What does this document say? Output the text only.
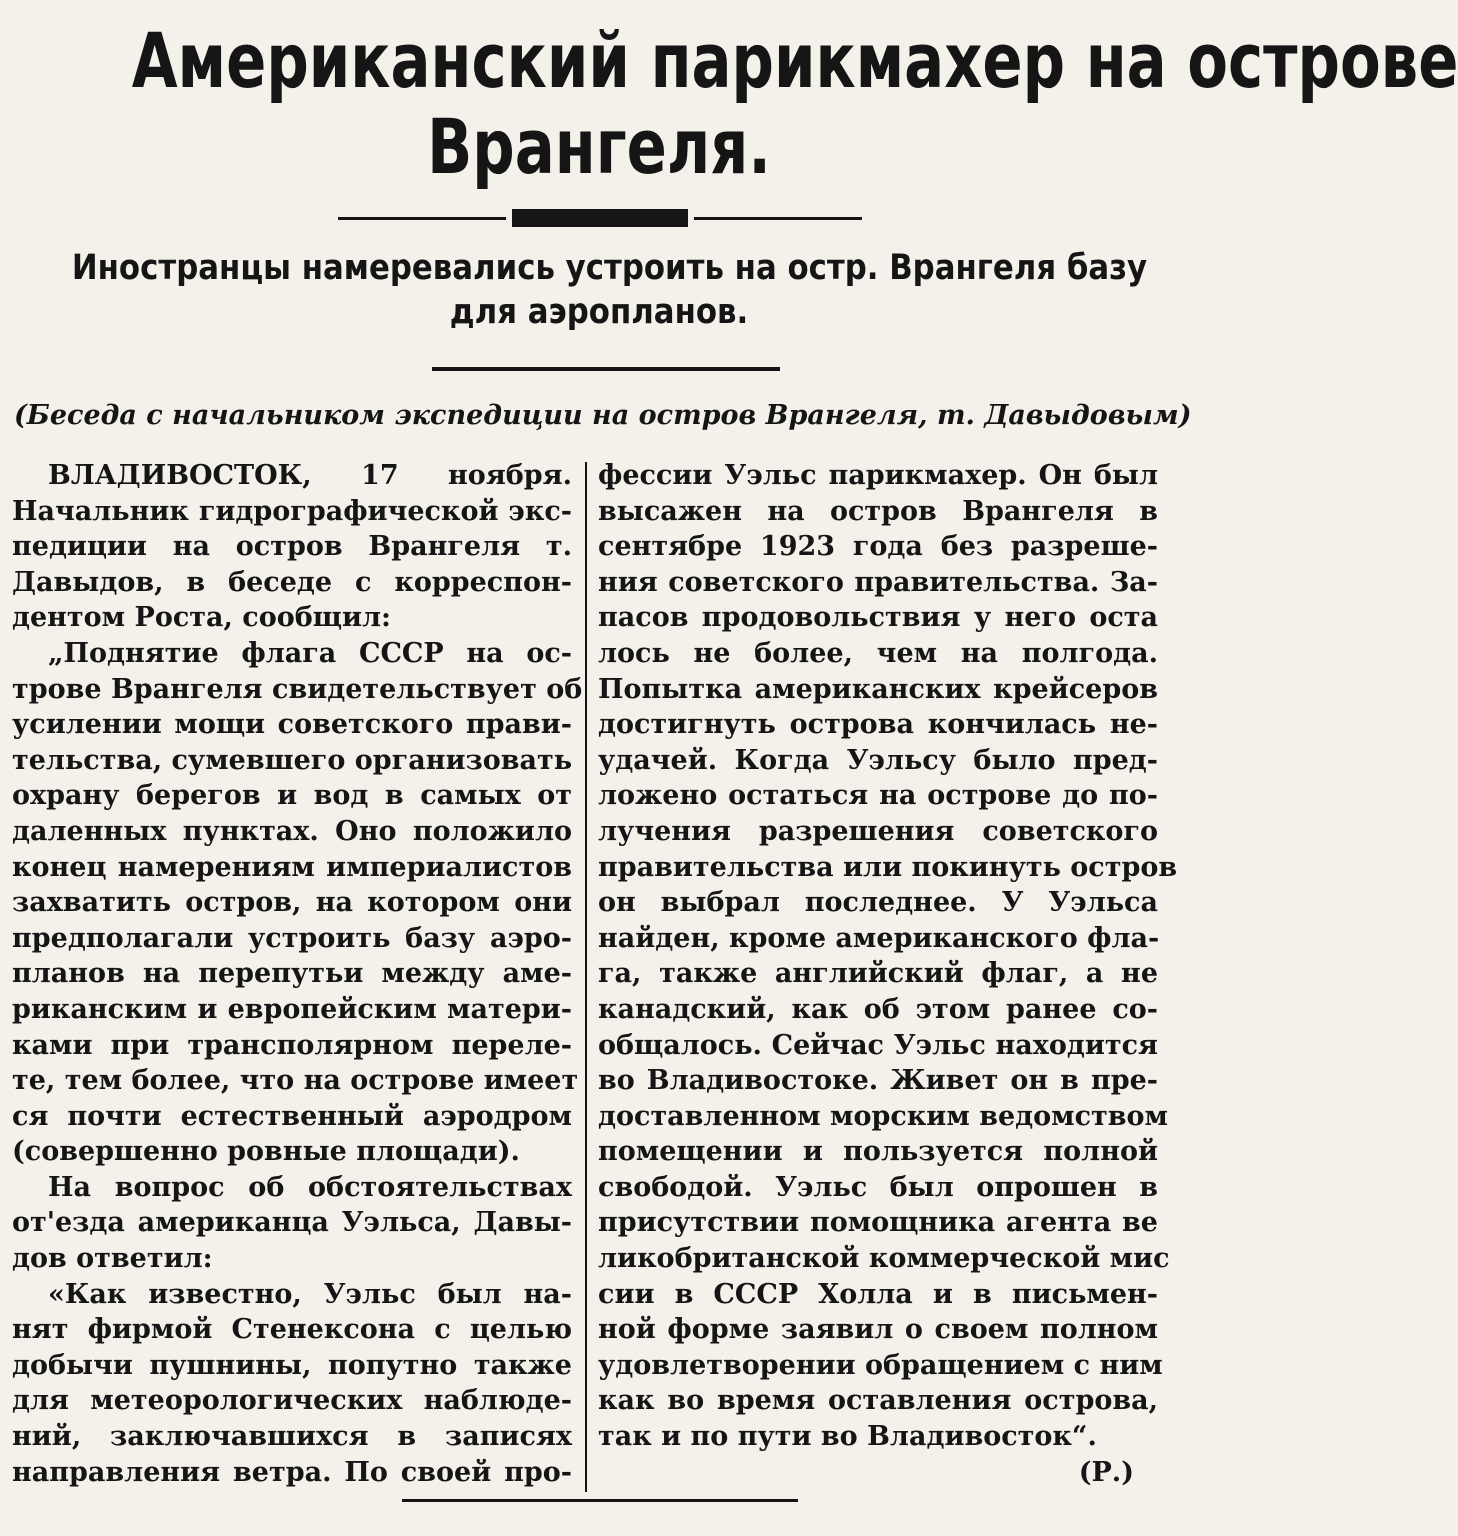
Американский парикмахер на острове
Врангеля.
Иностранцы намеревались устроить на остр. Врангеля базу
для аэропланов.
(Беседа с начальником экспедиции на остров Врангеля, т. Давыдовым)
ВЛАДИВОСТОК, 17 ноября.
Начальник гидрографической экс-
педиции на остров Врангеля т.
Давыдов, в беседе с корреспон-
дентом Роста, сообщил:
„Поднятие флага СССР на ос-
трове Врангеля свидетельствует об
усилении мощи советского прави-
тельства, сумевшего организовать
охрану берегов и вод в самых от
даленных пунктах. Оно положило
конец намерениям империалистов
захватить остров, на котором они
предполагали устроить базу аэро-
планов на перепутьи между аме-
риканским и европейским матери-
ками при трансполярном переле-
те, тем более, что на острове имеет
ся почти естественный аэродром
(совершенно ровные площади).
На вопрос об обстоятельствах
от'езда американца Уэльса, Давы-
дов ответил:
«Как известно, Уэльс был на-
нят фирмой Стенексона с целью
добычи пушнины, попутно также
для метеорологических наблюде-
ний, заключавшихся в записях
направления ветра. По своей про-
фессии Уэльс парикмахер. Он был
высажен на остров Врангеля в
сентябре 1923 года без разреше-
ния советского правительства. За-
пасов продовольствия у него оста
лось не более, чем на полгода.
Попытка американских крейсеров
достигнуть острова кончилась не-
удачей. Когда Уэльсу было пред-
ложено остаться на острове до по-
лучения разрешения советского
правительства или покинуть остров
он выбрал последнее. У Уэльса
найден, кроме американского фла-
га, также английский флаг, а не
канадский, как об этом ранее со-
общалось. Сейчас Уэльс находится
во Владивостоке. Живет он в пре-
доставленном морским ведомством
помещении и пользуется полной
свободой. Уэльс был опрошен в
присутствии помощника агента ве
ликобританской коммерческой мис
сии в СССР Холла и в письмен-
ной форме заявил о своем полном
удовлетворении обращением с ним
как во время оставления острова,
так и по пути во Владивосток“.
(Р.)
